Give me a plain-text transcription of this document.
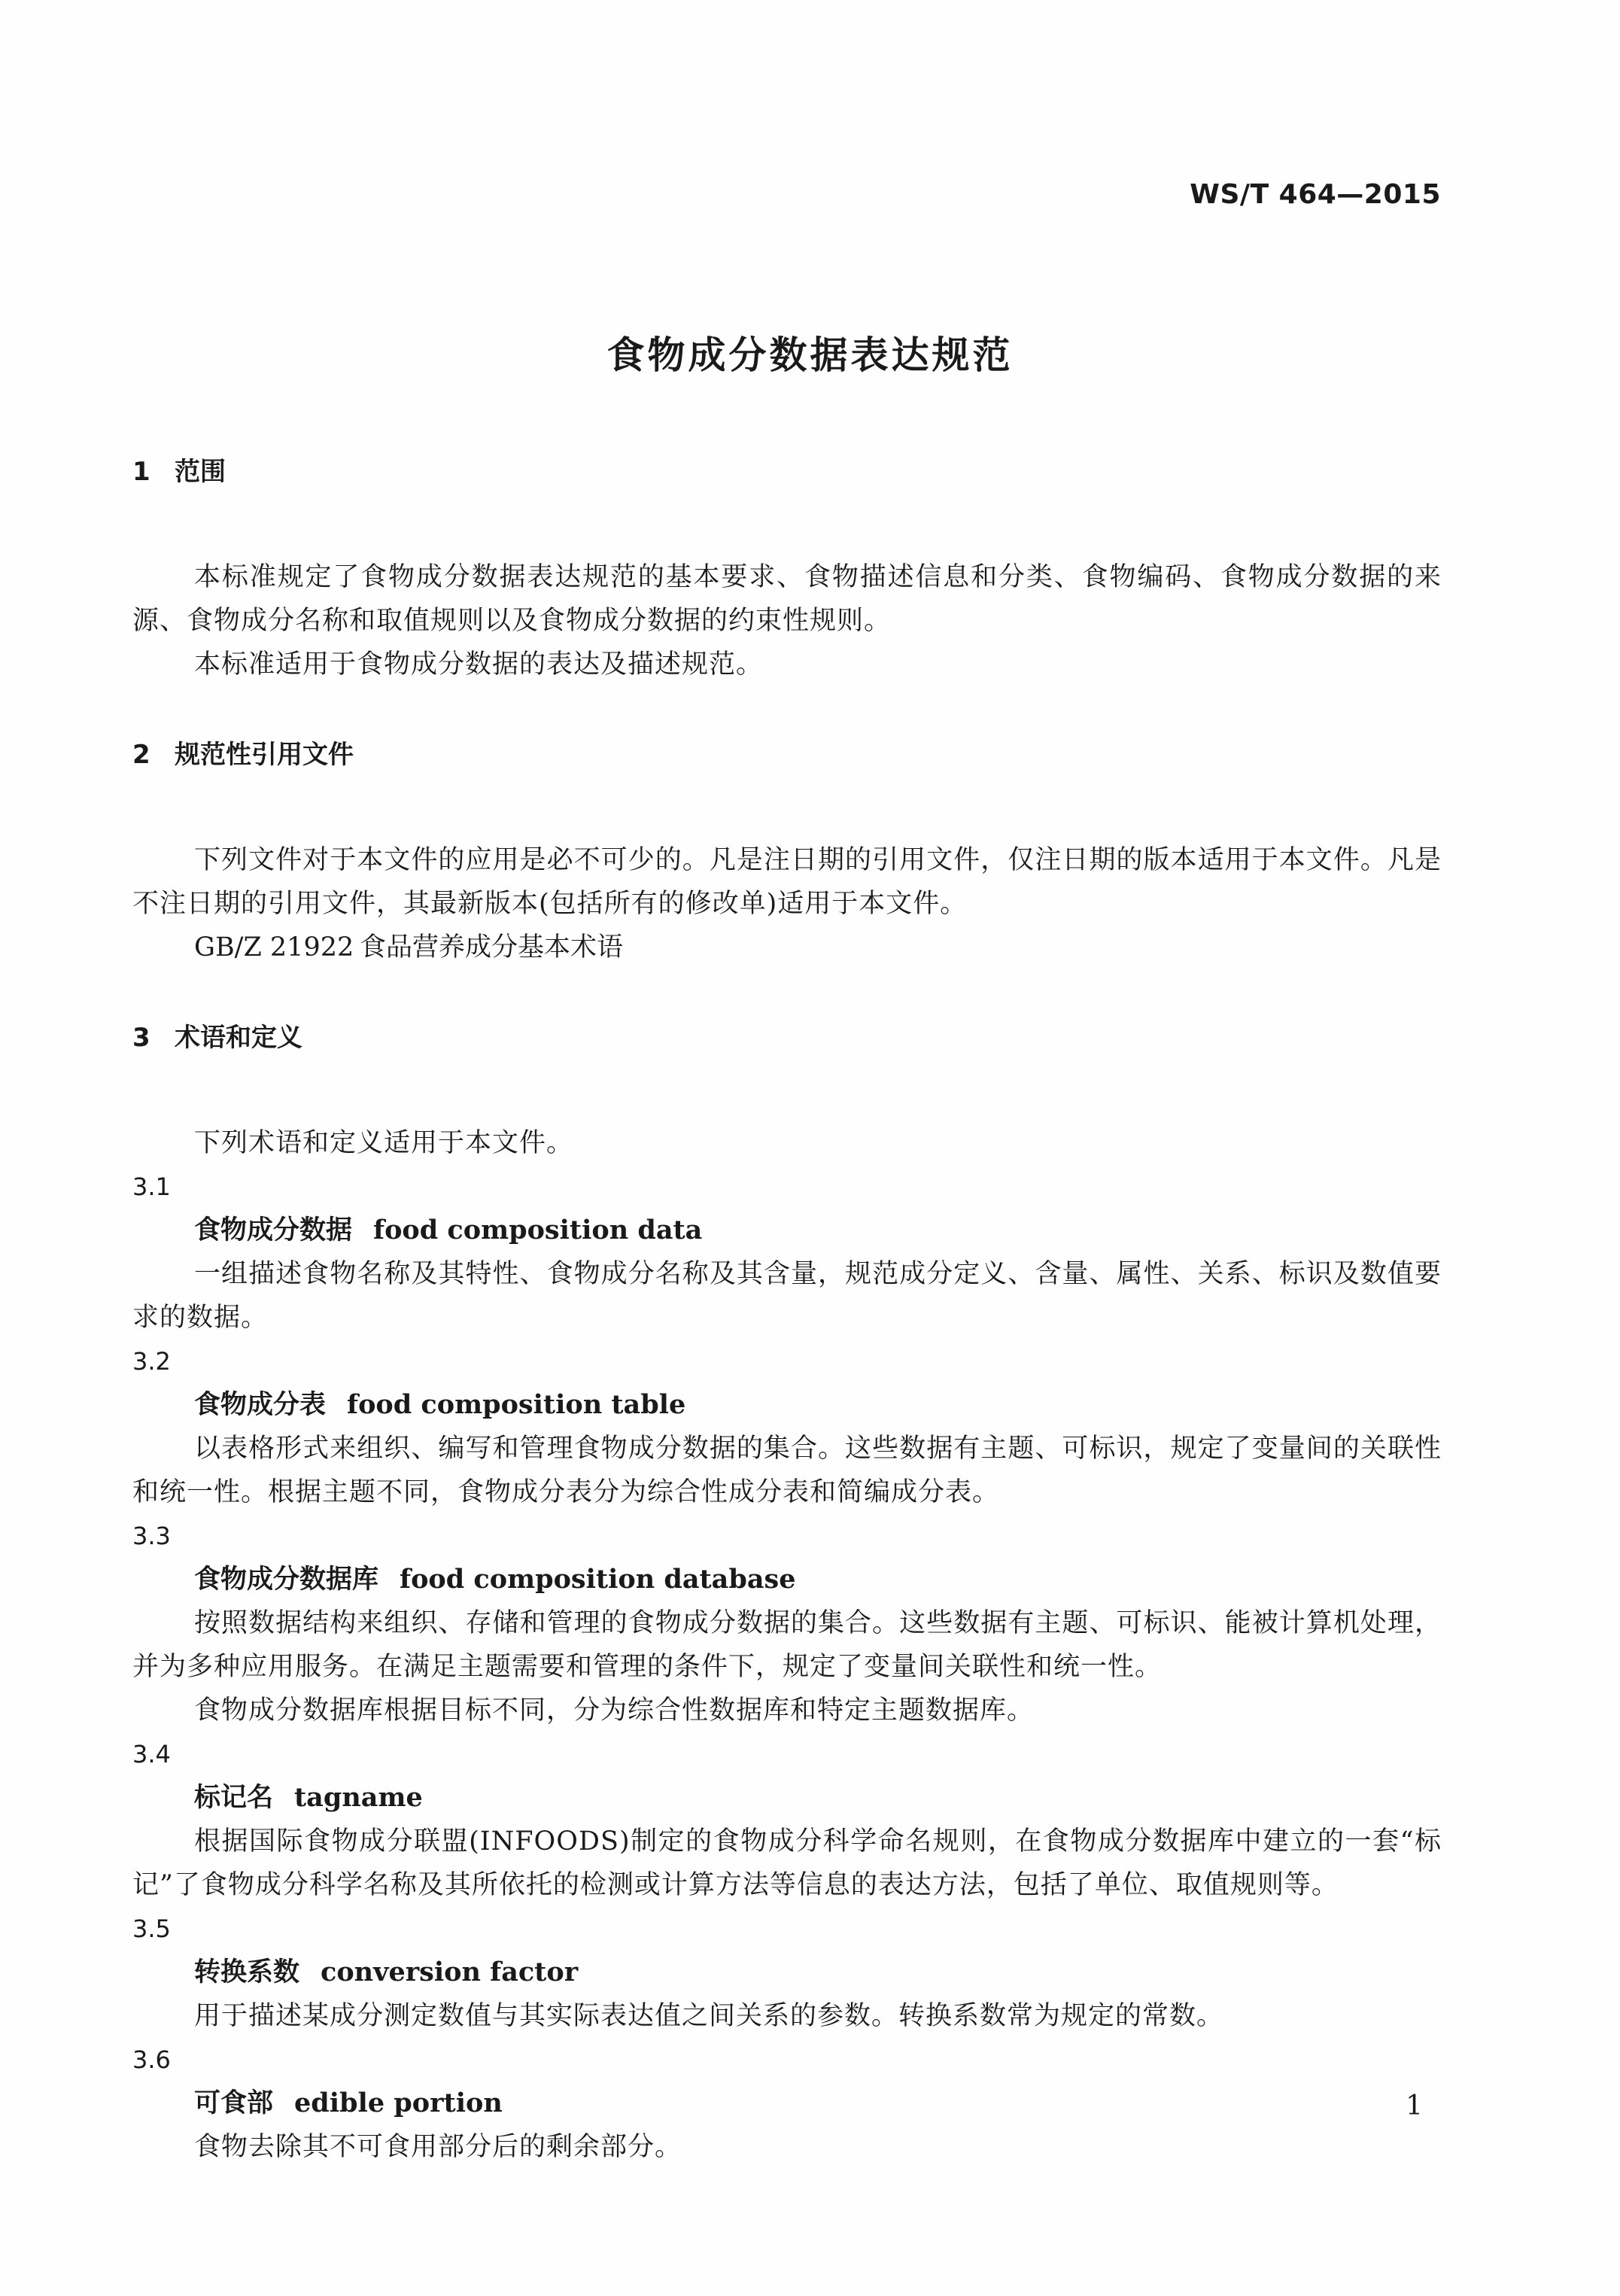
WS/T 464—2015
食物成分数据表达规范
1 范围

本标准规定了食物成分数据表达规范的基本要求、食物描述信息和分类、食物编码、食物成分数据的来源、食物成分名称和取值规则以及食物成分数据的约束性规则。

本标准适用于食物成分数据的表达及描述规范。

2 规范性引用文件

下列文件对于本文件的应用是必不可少的。凡是注日期的引用文件，仅注日期的版本适用于本文件。凡是不注日期的引用文件，其最新版本(包括所有的修改单)适用于本文件。

GB/Z 21922 食品营养成分基本术语

3 术语和定义

下列术语和定义适用于本文件。

3.1

食物成分数据 food composition data

一组描述食物名称及其特性、食物成分名称及其含量，规范成分定义、含量、属性、关系、标识及数值要求的数据。

3.2

食物成分表 food composition table

以表格形式来组织、编写和管理食物成分数据的集合。这些数据有主题、可标识，规定了变量间的关联性和统一性。根据主题不同，食物成分表分为综合性成分表和简编成分表。

3.3

食物成分数据库 food composition database

按照数据结构来组织、存储和管理的食物成分数据的集合。这些数据有主题、可标识、能被计算机处理，并为多种应用服务。在满足主题需要和管理的条件下，规定了变量间关联性和统一性。

食物成分数据库根据目标不同，分为综合性数据库和特定主题数据库。

3.4

标记名 tagname

根据国际食物成分联盟(INFOODS)制定的食物成分科学命名规则，在食物成分数据库中建立的一套“标记”了食物成分科学名称及其所依托的检测或计算方法等信息的表达方法，包括了单位、取值规则等。

3.5

转换系数 conversion factor

用于描述某成分测定数值与其实际表达值之间关系的参数。转换系数常为规定的常数。

3.6

可食部 edible portion

食物去除其不可食用部分后的剩余部分。

1
